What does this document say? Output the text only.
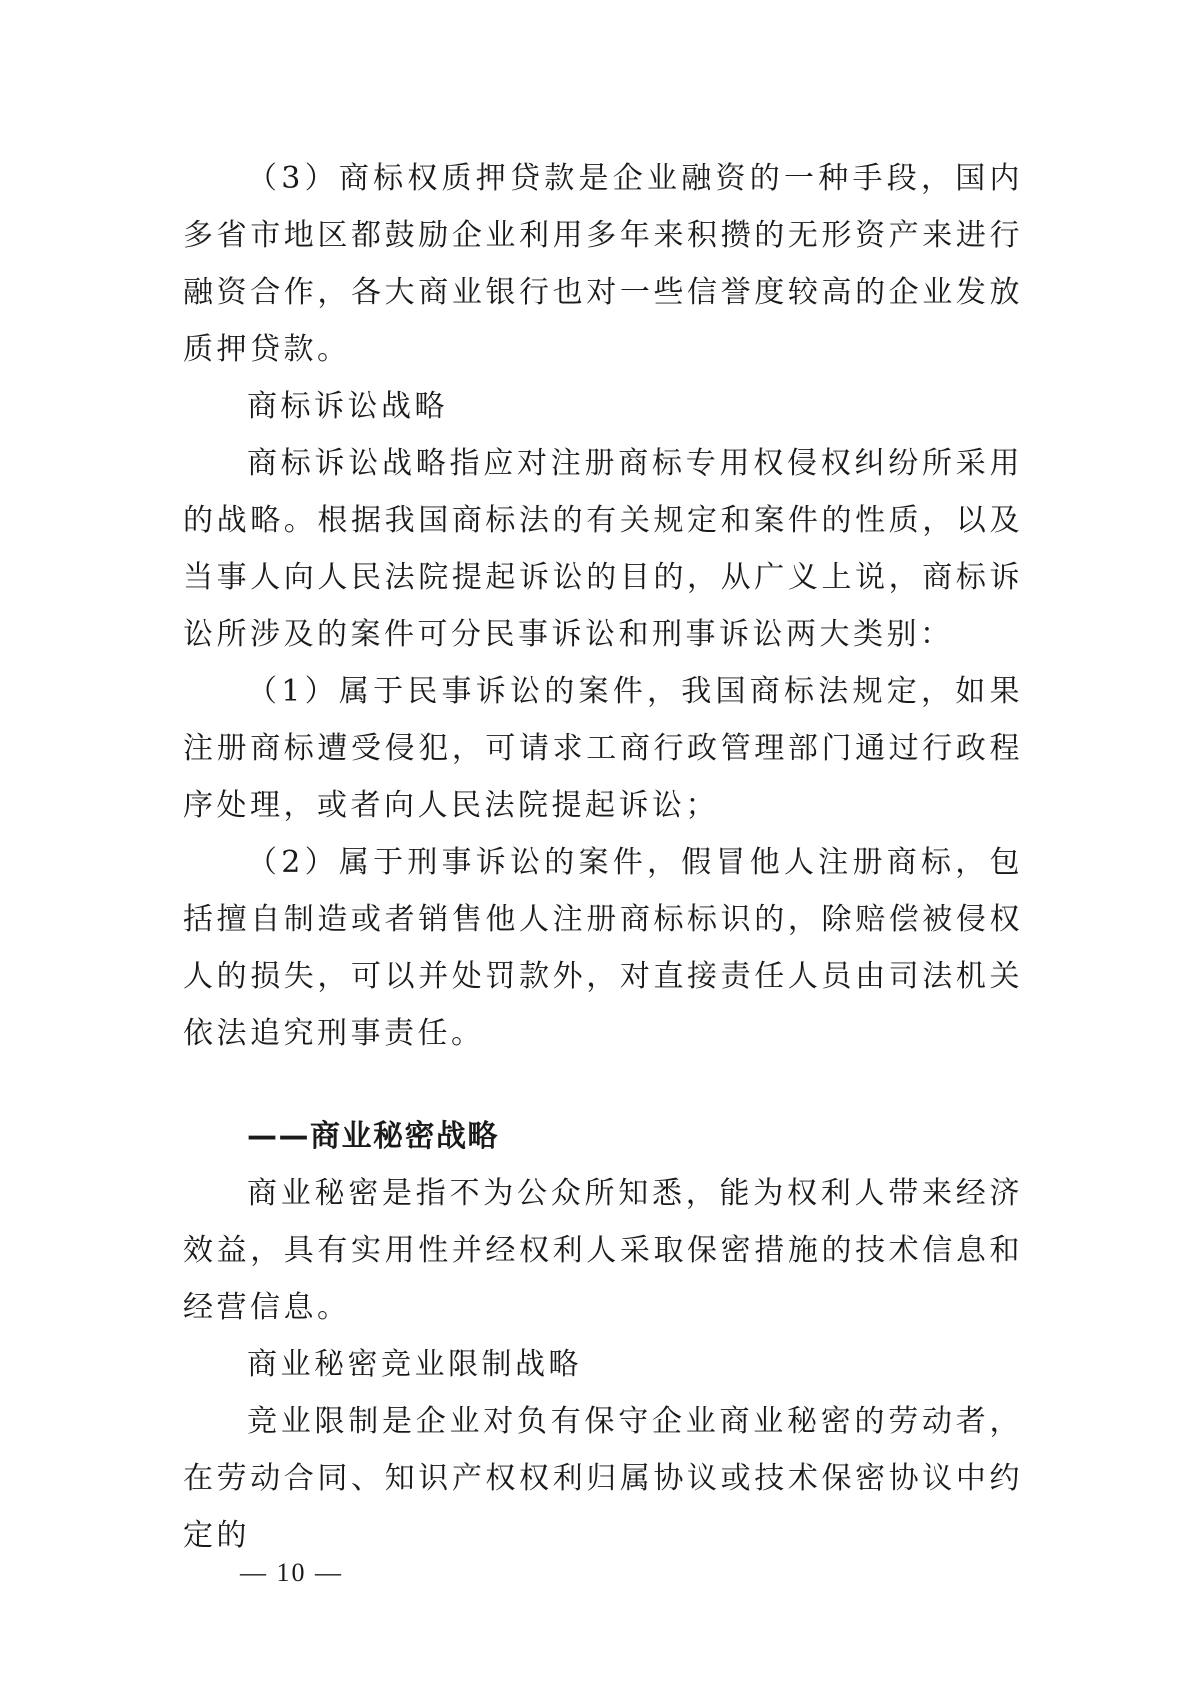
（3）商标权质押贷款是企业融资的一种手段，国内多省市地区都鼓励企业利用多年来积攒的无形资产来进行融资合作，各大商业银行也对一些信誉度较高的企业发放质押贷款。

商标诉讼战略

商标诉讼战略指应对注册商标专用权侵权纠纷所采用的战略。根据我国商标法的有关规定和案件的性质，以及当事人向人民法院提起诉讼的目的，从广义上说，商标诉讼所涉及的案件可分民事诉讼和刑事诉讼两大类别：

（1）属于民事诉讼的案件，我国商标法规定，如果注册商标遭受侵犯，可请求工商行政管理部门通过行政程序处理，或者向人民法院提起诉讼；

（2）属于刑事诉讼的案件，假冒他人注册商标，包括擅自制造或者销售他人注册商标标识的，除赔偿被侵权人的损失，可以并处罚款外，对直接责任人员由司法机关依法追究刑事责任。

——商业秘密战略

商业秘密是指不为公众所知悉，能为权利人带来经济效益，具有实用性并经权利人采取保密措施的技术信息和经营信息。

商业秘密竞业限制战略

竞业限制是企业对负有保守企业商业秘密的劳动者，在劳动合同、知识产权权利归属协议或技术保密协议中约定的

— 10 —
